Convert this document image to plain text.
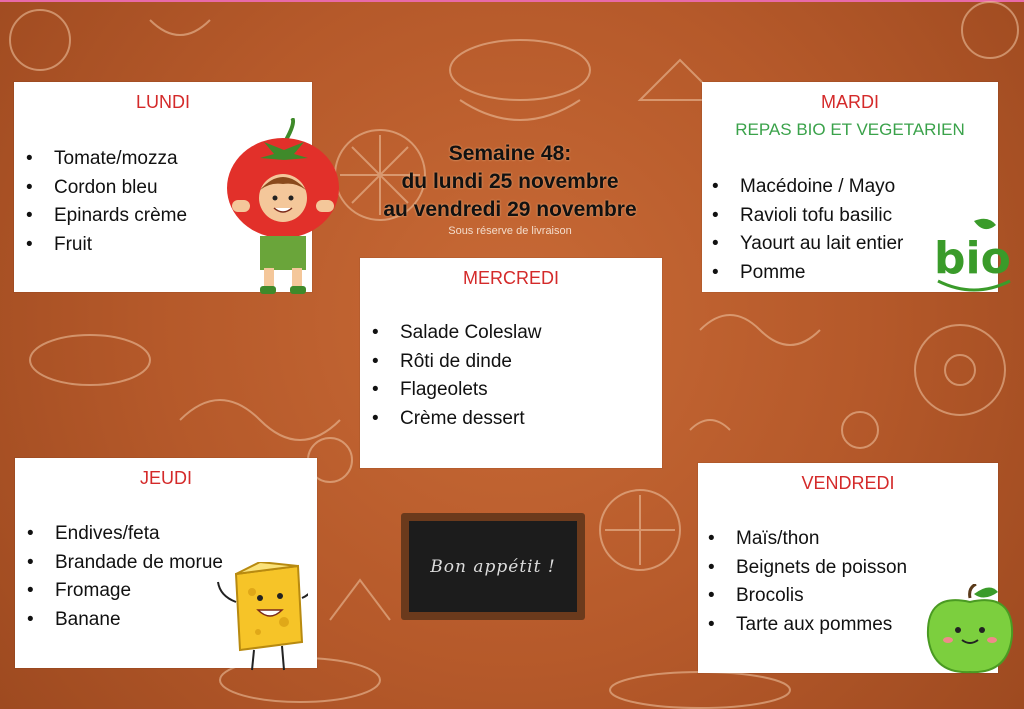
Semaine 48:
du lundi 25 novembre
au vendredi 29 novembre
Sous réserve de livraison
LUNDI
• Tomate/mozza
• Cordon bleu
• Epinards crème
• Fruit
MARDI
REPAS BIO ET VEGETARIEN
• Macédoine / Mayo
• Ravioli tofu basilic
• Yaourt au lait entier
• Pomme	bio
MERCREDI
• Salade Coleslaw
• Rôti de dinde
• Flageolets
• Crème dessert
JEUDI
• Endives/feta
• Brandade de morue
• Fromage
• Banane
Bon appétit !
VENDREDI
• Maïs/thon
• Beignets de poisson
• Brocolis
• Tarte aux pommes
